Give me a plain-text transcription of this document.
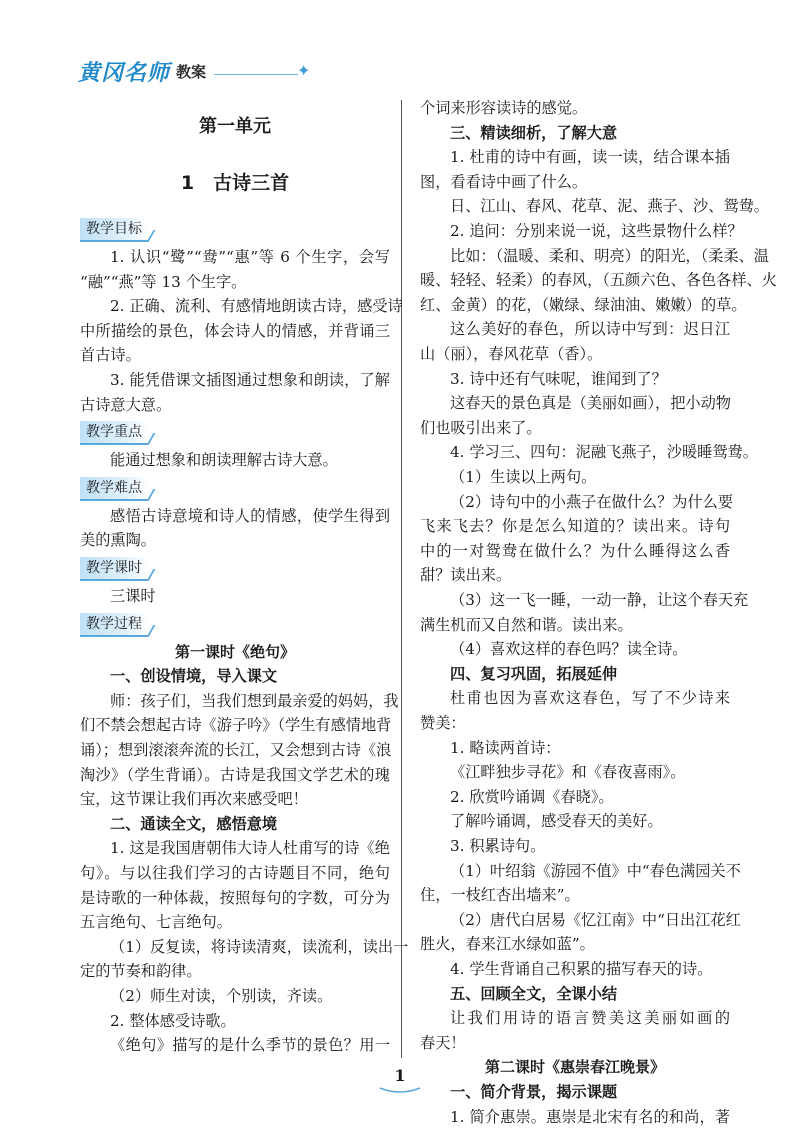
黄冈名师 教案	✦
第一单元
1　古诗三首
教学目标
1. 认识“鹭”“鸯”“惠”等 6 个生字，会写
“融”“燕”等 13 个生字。
2. 正确、流利、有感情地朗读古诗，感受诗
中所描绘的景色，体会诗人的情感，并背诵三
首古诗。
3. 能凭借课文插图通过想象和朗读，了解
古诗意大意。
教学重点
能通过想象和朗读理解古诗大意。
教学难点
感悟古诗意境和诗人的情感，使学生得到
美的熏陶。
教学课时
三课时
教学过程
第一课时《绝句》
一、创设情境，导入课文
师：孩子们，当我们想到最亲爱的妈妈，我
们不禁会想起古诗《游子吟》（学生有感情地背
诵）；想到滚滚奔流的长江，又会想到古诗《浪
淘沙》（学生背诵）。古诗是我国文学艺术的瑰
宝，这节课让我们再次来感受吧！
二、通读全文，感悟意境
1. 这是我国唐朝伟大诗人杜甫写的诗《绝
句》。与以往我们学习的古诗题目不同，绝句
是诗歌的一种体裁，按照每句的字数，可分为
五言绝句、七言绝句。
（1）反复读，将诗读清爽，读流利，读出一
定的节奏和韵律。
（2）师生对读，个别读，齐读。
2. 整体感受诗歌。
个词来形容读诗的感觉。
三、精读细析，了解大意
1. 杜甫的诗中有画，读一读，结合课本插
图，看看诗中画了什么。
日、江山、春风、花草、泥、燕子、沙、鸳鸯。
2. 追问：分别来说一说，这些景物什么样？
比如：（温暖、柔和、明亮）的阳光，（柔柔、温
暖、轻轻、轻柔）的春风，（五颜六色、各色各样、火
红、金黄）的花，（嫩绿、绿油油、嫩嫩）的草。
这么美好的春色，所以诗中写到：迟日江
山（丽），春风花草（香）。
3. 诗中还有气味呢，谁闻到了？
这春天的景色真是（美丽如画），把小动物
们也吸引出来了。
4. 学习三、四句：泥融飞燕子，沙暖睡鸳鸯。
（1）生读以上两句。
（2）诗句中的小燕子在做什么？为什么要
飞来飞去？你是怎么知道的？读出来。诗句
中的一对鸳鸯在做什么？为什么睡得这么香
甜？读出来。
（3）这一飞一睡，一动一静，让这个春天充
满生机而又自然和谐。读出来。
（4）喜欢这样的春色吗？读全诗。
四、复习巩固，拓展延伸
杜甫也因为喜欢这春色，写了不少诗来
赞美：
1. 略读两首诗：
《江畔独步寻花》和《春夜喜雨》。
2. 欣赏吟诵调《春晓》。
了解吟诵调，感受春天的美好。
3. 积累诗句。
（1）叶绍翁《游园不值》中“春色满园关不
住，一枝红杏出墙来”。
（2）唐代白居易《忆江南》中“日出江花红
胜火，春来江水绿如蓝”。
4. 学生背诵自己积累的描写春天的诗。
五、回顾全文，全课小结
1
让我们用诗的语言赞美这美丽如画的
春天！
第二课时《惠崇春江晚景》
一、简介背景，揭示课题
1. 简介惠崇。惠崇是北宋有名的和尚，著
《绝句》描写的是什么季节的景色？用一
